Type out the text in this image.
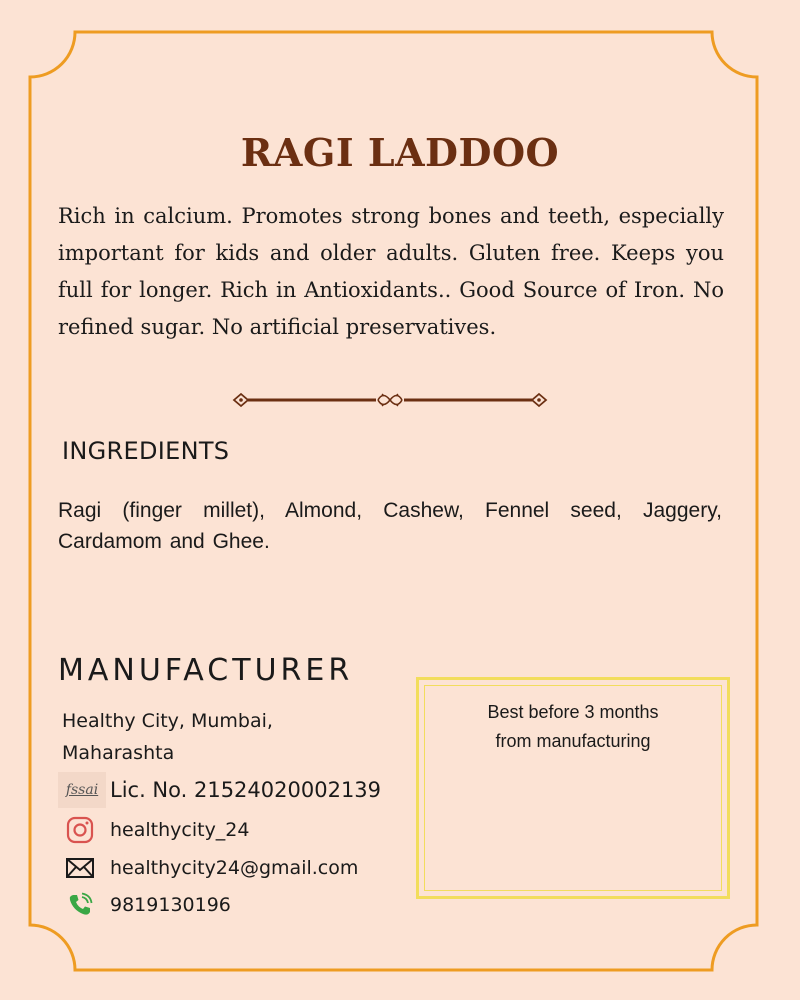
RAGI LADDOO
Rich in calcium. Promotes strong bones and teeth, especially important for kids and older adults. Gluten free. Keeps you full for longer. Rich in Antioxidants.. Good Source of Iron. No refined sugar. No artificial preservatives.
INGREDIENTS
Ragi (finger millet), Almond, Cashew, Fennel seed, Jaggery, Cardamom and Ghee.
MANUFACTURER
Healthy City, Mumbai,
Maharashta
fssai Lic. No. 21524020002139
healthycity_24
healthycity24@gmail.com
9819130196
Best before 3 months
from manufacturing
